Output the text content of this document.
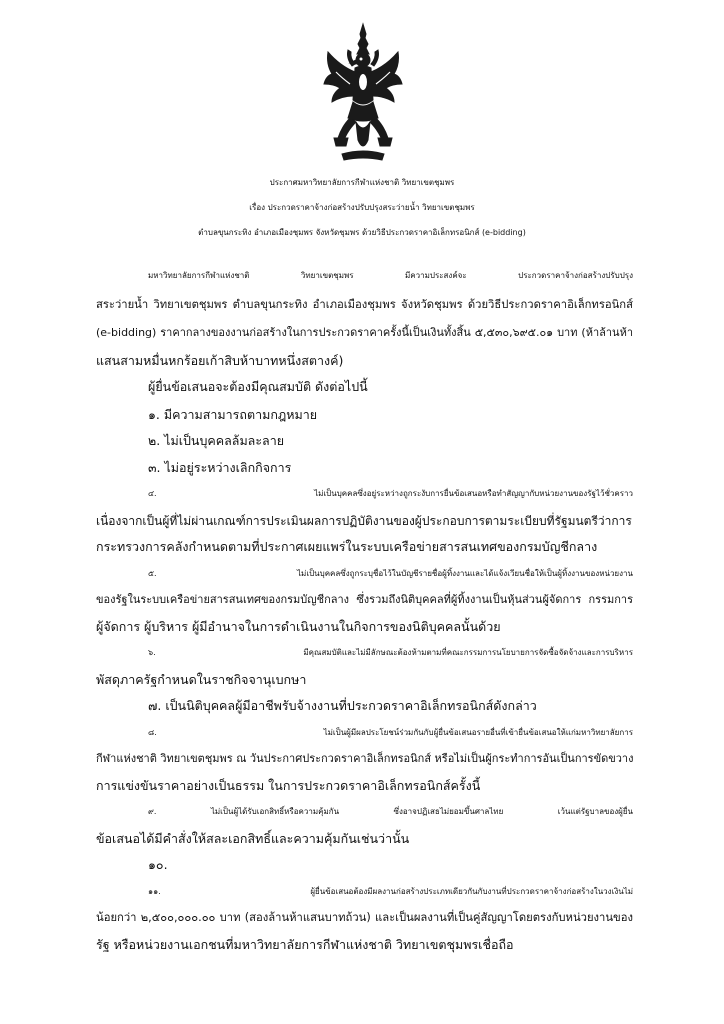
ประกาศมหาวิทยาลัยการกีฬาแห่งชาติ วิทยาเขตชุมพร
เรื่อง ประกวดราคาจ้างก่อสร้างปรับปรุงสระว่ายน้ำ วิทยาเขตชุมพร
ตำบลขุนกระทิง อำเภอเมืองชุมพร จังหวัดชุมพร ด้วยวิธีประกวดราคาอิเล็กทรอนิกส์ (e-bidding)
มหาวิทยาลัยการกีฬาแห่งชาติ วิทยาเขตชุมพร มีความประสงค์จะ ประกวดราคาจ้างก่อสร้างปรับปรุง
สระว่ายน้ำ วิทยาเขตชุมพร ตำบลขุนกระทิง อำเภอเมืองชุมพร จังหวัดชุมพร ด้วยวิธีประกวดราคาอิเล็กทรอนิกส์
(e-bidding) ราคากลางของงานก่อสร้างในการประกวดราคาครั้งนี้เป็นเงินทั้งสิ้น ๕,๕๓๐,๖๙๕.๐๑ บาท (ห้าล้านห้า
แสนสามหมื่นหกร้อยเก้าสิบห้าบาทหนึ่งสตางค์)
ผู้ยื่นข้อเสนอจะต้องมีคุณสมบัติ ดังต่อไปนี้
๑. มีความสามารถตามกฎหมาย
๒. ไม่เป็นบุคคลล้มละลาย
๓. ไม่อยู่ระหว่างเลิกกิจการ
๔. ไม่เป็นบุคคลซึ่งอยู่ระหว่างถูกระงับการยื่นข้อเสนอหรือทำสัญญากับหน่วยงานของรัฐไว้ชั่วคราว
เนื่องจากเป็นผู้ที่ไม่ผ่านเกณฑ์การประเมินผลการปฏิบัติงานของผู้ประกอบการตามระเบียบที่รัฐมนตรีว่าการ
กระทรวงการคลังกำหนดตามที่ประกาศเผยแพร่ในระบบเครือข่ายสารสนเทศของกรมบัญชีกลาง
๕. ไม่เป็นบุคคลซึ่งถูกระบุชื่อไว้ในบัญชีรายชื่อผู้ทิ้งงานและได้แจ้งเวียนชื่อให้เป็นผู้ทิ้งงานของหน่วยงาน
ของรัฐในระบบเครือข่ายสารสนเทศของกรมบัญชีกลาง ซึ่งรวมถึงนิติบุคคลที่ผู้ทิ้งงานเป็นหุ้นส่วนผู้จัดการ กรรมการ
ผู้จัดการ ผู้บริหาร ผู้มีอำนาจในการดำเนินงานในกิจการของนิติบุคคลนั้นด้วย
๖. มีคุณสมบัติและไม่มีลักษณะต้องห้ามตามที่คณะกรรมการนโยบายการจัดซื้อจัดจ้างและการบริหาร
พัสดุภาครัฐกำหนดในราชกิจจานุเบกษา
๗. เป็นนิติบุคคลผู้มีอาชีพรับจ้างงานที่ประกวดราคาอิเล็กทรอนิกส์ดังกล่าว
๘. ไม่เป็นผู้มีผลประโยชน์ร่วมกันกับผู้ยื่นข้อเสนอรายอื่นที่เข้ายื่นข้อเสนอให้แก่มหาวิทยาลัยการ
กีฬาแห่งชาติ วิทยาเขตชุมพร ณ วันประกาศประกวดราคาอิเล็กทรอนิกส์ หรือไม่เป็นผู้กระทำการอันเป็นการขัดขวาง
การแข่งขันราคาอย่างเป็นธรรม ในการประกวดราคาอิเล็กทรอนิกส์ครั้งนี้
๙. ไม่เป็นผู้ได้รับเอกสิทธิ์หรือความคุ้มกัน ซึ่งอาจปฏิเสธไม่ยอมขึ้นศาลไทย เว้นแต่รัฐบาลของผู้ยื่น
ข้อเสนอได้มีคำสั่งให้สละเอกสิทธิ์และความคุ้มกันเช่นว่านั้น
๑๐.
๑๑. ผู้ยื่นข้อเสนอต้องมีผลงานก่อสร้างประเภทเดียวกันกับงานที่ประกวดราคาจ้างก่อสร้างในวงเงินไม่
น้อยกว่า ๒,๕๐๐,๐๐๐.๐๐ บาท (สองล้านห้าแสนบาทถ้วน) และเป็นผลงานที่เป็นคู่สัญญาโดยตรงกับหน่วยงานของ
รัฐ หรือหน่วยงานเอกชนที่มหาวิทยาลัยการกีฬาแห่งชาติ วิทยาเขตชุมพรเชื่อถือ
